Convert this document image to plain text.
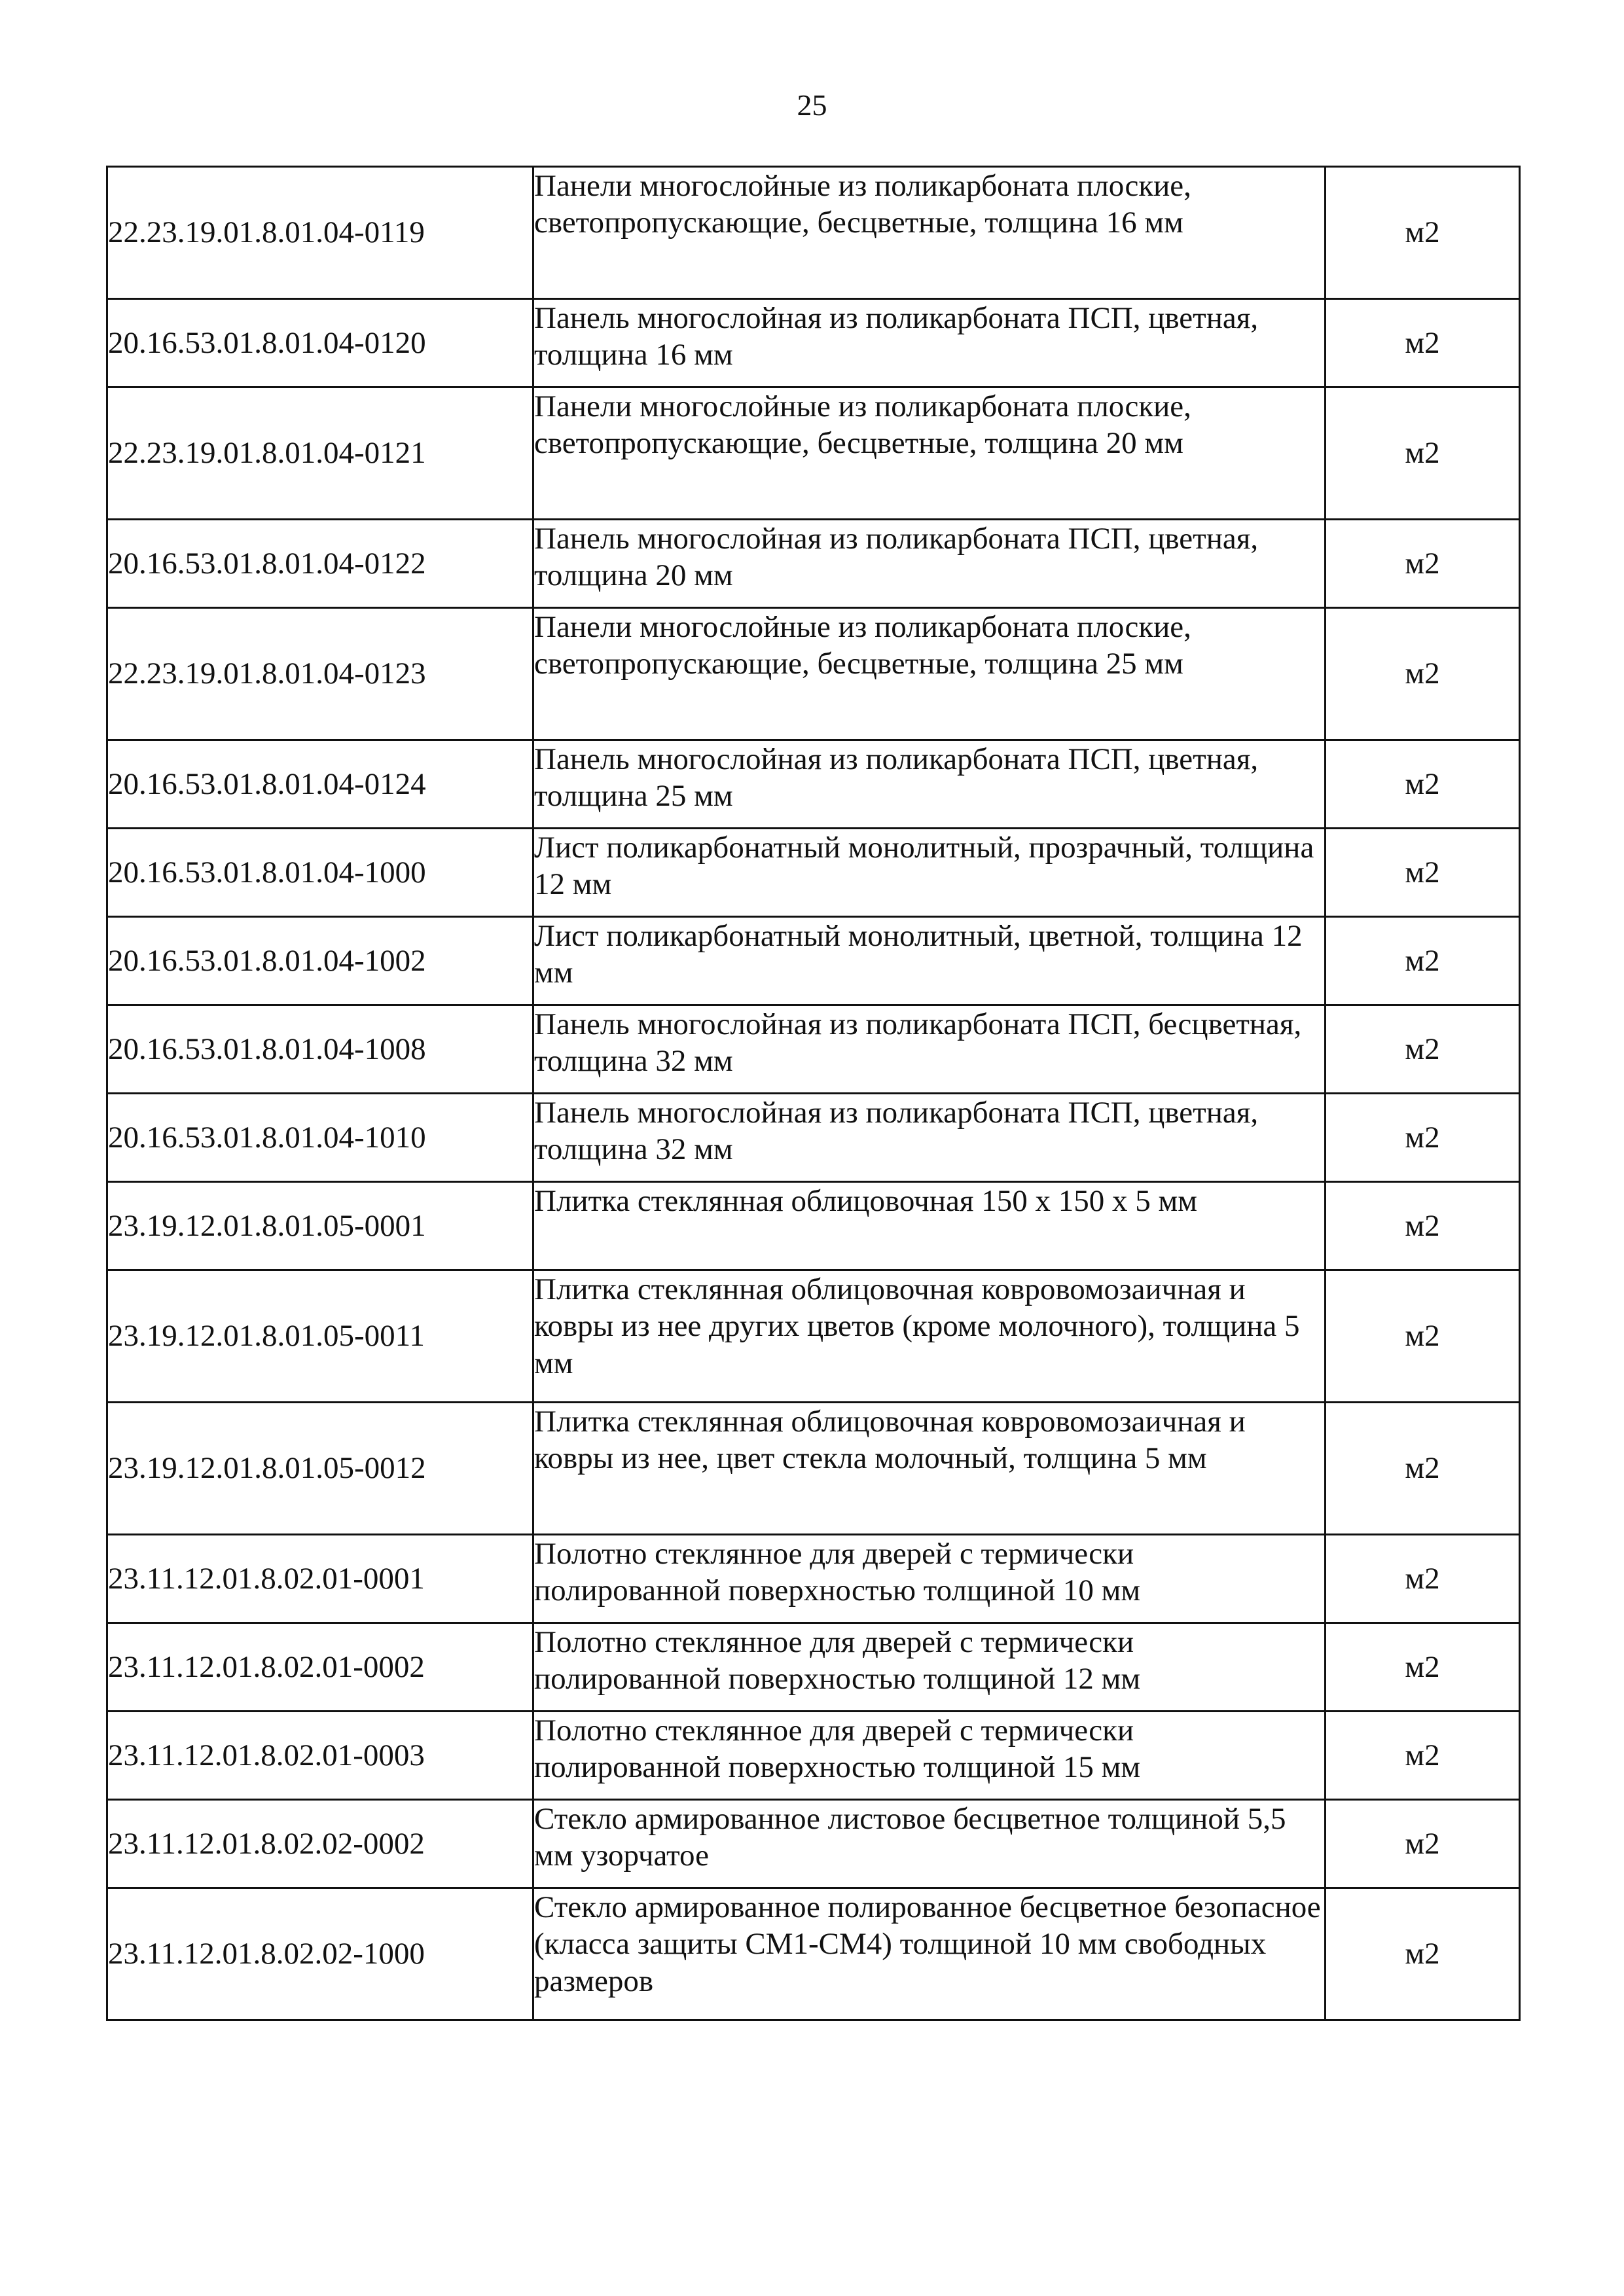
25
22.23.19.01.8.01.04-0119	Панели многослойные из поликарбоната плоские, светопропускающие, бесцветные, толщина 16 мм	м2
20.16.53.01.8.01.04-0120	Панель многослойная из поликарбоната ПСП, цветная, толщина 16 мм	м2
22.23.19.01.8.01.04-0121	Панели многослойные из поликарбоната плоские, светопропускающие, бесцветные, толщина 20 мм	м2
20.16.53.01.8.01.04-0122	Панель многослойная из поликарбоната ПСП, цветная, толщина 20 мм	м2
22.23.19.01.8.01.04-0123	Панели многослойные из поликарбоната плоские, светопропускающие, бесцветные, толщина 25 мм	м2
20.16.53.01.8.01.04-0124	Панель многослойная из поликарбоната ПСП, цветная, толщина 25 мм	м2
20.16.53.01.8.01.04-1000	Лист поликарбонатный монолитный, прозрачный, толщина 12 мм	м2
20.16.53.01.8.01.04-1002	Лист поликарбонатный монолитный, цветной, толщина 12 мм	м2
20.16.53.01.8.01.04-1008	Панель многослойная из поликарбоната ПСП, бесцветная, толщина 32 мм	м2
20.16.53.01.8.01.04-1010	Панель многослойная из поликарбоната ПСП, цветная, толщина 32 мм	м2
23.19.12.01.8.01.05-0001	Плитка стеклянная облицовочная 150 x 150 x 5 мм	м2
23.19.12.01.8.01.05-0011	Плитка стеклянная облицовочная ковровомозаичная и ковры из нее других цветов (кроме молочного), толщина 5 мм	м2
23.19.12.01.8.01.05-0012	Плитка стеклянная облицовочная ковровомозаичная и ковры из нее, цвет стекла молочный, толщина 5 мм	м2
23.11.12.01.8.02.01-0001	Полотно стеклянное для дверей с термически полированной поверхностью толщиной 10 мм	м2
23.11.12.01.8.02.01-0002	Полотно стеклянное для дверей с термически полированной поверхностью толщиной 12 мм	м2
23.11.12.01.8.02.01-0003	Полотно стеклянное для дверей с термически полированной поверхностью толщиной 15 мм	м2
23.11.12.01.8.02.02-0002	Стекло армированное листовое бесцветное толщиной 5,5 мм узорчатое	м2
23.11.12.01.8.02.02-1000	Стекло армированное полированное бесцветное безопасное (класса защиты СМ1-СМ4) толщиной 10 мм свободных размеров	м2
